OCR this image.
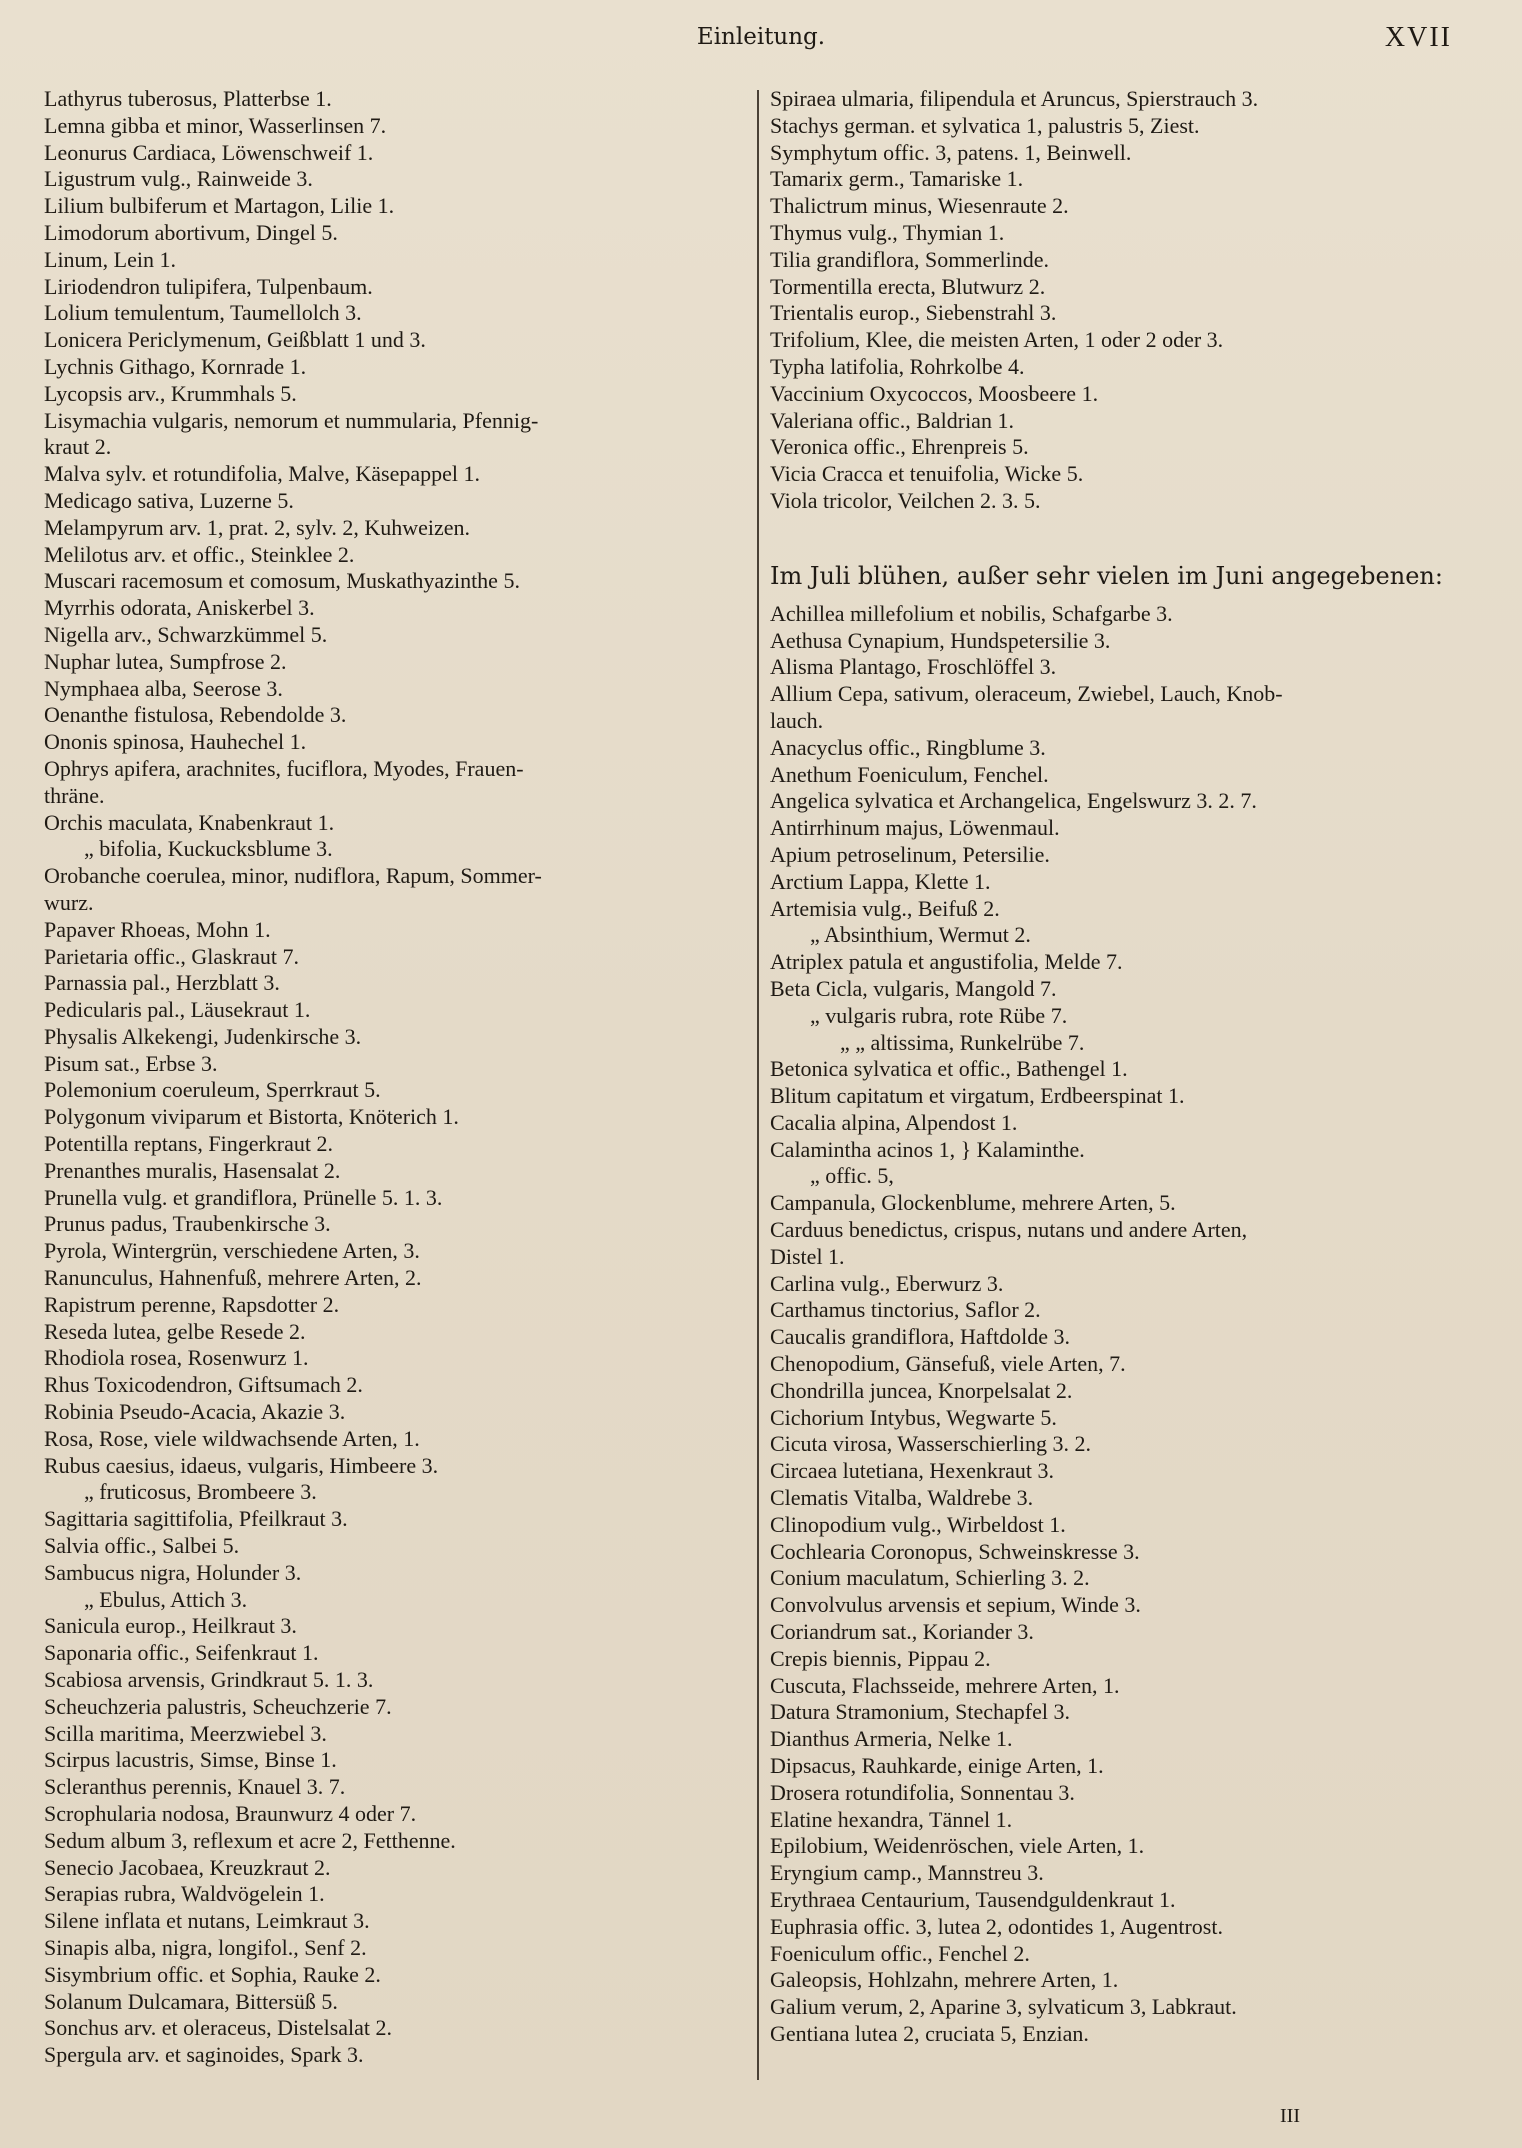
Einleitung.	XVII
Lathyrus tuberosus, Platterbse 1.
Lemna gibba et minor, Wasserlinsen 7.
Leonurus Cardiaca, Löwenschweif 1.
Ligustrum vulg., Rainweide 3.
Lilium bulbiferum et Martagon, Lilie 1.
Limodorum abortivum, Dingel 5.
Linum, Lein 1.
Liriodendron tulipifera, Tulpenbaum.
Lolium temulentum, Taumellolch 3.
Lonicera Periclymenum, Geißblatt 1 und 3.
Lychnis Githago, Kornrade 1.
Lycopsis arv., Krummhals 5.
Lisymachia vulgaris, nemorum et nummularia, Pfennig-
kraut 2.
Malva sylv. et rotundifolia, Malve, Käsepappel 1.
Medicago sativa, Luzerne 5.
Melampyrum arv. 1, prat. 2, sylv. 2, Kuhweizen.
Melilotus arv. et offic., Steinklee 2.
Muscari racemosum et comosum, Muskathyazinthe 5.
Myrrhis odorata, Aniskerbel 3.
Nigella arv., Schwarzkümmel 5.
Nuphar lutea, Sumpfrose 2.
Nymphaea alba, Seerose 3.
Oenanthe fistulosa, Rebendolde 3.
Ononis spinosa, Hauhechel 1.
Ophrys apifera, arachnites, fuciflora, Myodes, Frauen-
thräne.
Orchis maculata, Knabenkraut 1.
„ bifolia, Kuckucksblume 3.
Orobanche coerulea, minor, nudiflora, Rapum, Sommer-
wurz.
Papaver Rhoeas, Mohn 1.
Parietaria offic., Glaskraut 7.
Parnassia pal., Herzblatt 3.
Pedicularis pal., Läusekraut 1.
Physalis Alkekengi, Judenkirsche 3.
Pisum sat., Erbse 3.
Polemonium coeruleum, Sperrkraut 5.
Polygonum viviparum et Bistorta, Knöterich 1.
Potentilla reptans, Fingerkraut 2.
Prenanthes muralis, Hasensalat 2.
Prunella vulg. et grandiflora, Prünelle 5. 1. 3.
Prunus padus, Traubenkirsche 3.
Pyrola, Wintergrün, verschiedene Arten, 3.
Ranunculus, Hahnenfuß, mehrere Arten, 2.
Rapistrum perenne, Rapsdotter 2.
Reseda lutea, gelbe Resede 2.
Rhodiola rosea, Rosenwurz 1.
Rhus Toxicodendron, Giftsumach 2.
Robinia Pseudo-Acacia, Akazie 3.
Rosa, Rose, viele wildwachsende Arten, 1.
Rubus caesius, idaeus, vulgaris, Himbeere 3.
„ fruticosus, Brombeere 3.
Sagittaria sagittifolia, Pfeilkraut 3.
Salvia offic., Salbei 5.
Sambucus nigra, Holunder 3.
„ Ebulus, Attich 3.
Sanicula europ., Heilkraut 3.
Saponaria offic., Seifenkraut 1.
Scabiosa arvensis, Grindkraut 5. 1. 3.
Scheuchzeria palustris, Scheuchzerie 7.
Scilla maritima, Meerzwiebel 3.
Scirpus lacustris, Simse, Binse 1.
Scleranthus perennis, Knauel 3. 7.
Scrophularia nodosa, Braunwurz 4 oder 7.
Sedum album 3, reflexum et acre 2, Fetthenne.
Senecio Jacobaea, Kreuzkraut 2.
Serapias rubra, Waldvögelein 1.
Silene inflata et nutans, Leimkraut 3.
Sinapis alba, nigra, longifol., Senf 2.
Sisymbrium offic. et Sophia, Rauke 2.
Solanum Dulcamara, Bittersüß 5.
Sonchus arv. et oleraceus, Distelsalat 2.
Spergula arv. et saginoides, Spark 3.
Spiraea ulmaria, filipendula et Aruncus, Spierstrauch 3.
Stachys german. et sylvatica 1, palustris 5, Ziest.
Symphytum offic. 3, patens. 1, Beinwell.
Tamarix germ., Tamariske 1.
Thalictrum minus, Wiesenraute 2.
Thymus vulg., Thymian 1.
Tilia grandiflora, Sommerlinde.
Tormentilla erecta, Blutwurz 2.
Trientalis europ., Siebenstrahl 3.
Trifolium, Klee, die meisten Arten, 1 oder 2 oder 3.
Typha latifolia, Rohrkolbe 4.
Vaccinium Oxycoccos, Moosbeere 1.
Valeriana offic., Baldrian 1.
Veronica offic., Ehrenpreis 5.
Vicia Cracca et tenuifolia, Wicke 5.
Viola tricolor, Veilchen 2. 3. 5.
Im Juli blühen, außer sehr vielen im Juni angegebenen:
Achillea millefolium et nobilis, Schafgarbe 3.
Aethusa Cynapium, Hundspetersilie 3.
Alisma Plantago, Froschlöffel 3.
Allium Cepa, sativum, oleraceum, Zwiebel, Lauch, Knob-
lauch.
Anacyclus offic., Ringblume 3.
Anethum Foeniculum, Fenchel.
Angelica sylvatica et Archangelica, Engelswurz 3. 2. 7.
Antirrhinum majus, Löwenmaul.
Apium petroselinum, Petersilie.
Arctium Lappa, Klette 1.
Artemisia vulg., Beifuß 2.
„ Absinthium, Wermut 2.
Atriplex patula et angustifolia, Melde 7.
Beta Cicla, vulgaris, Mangold 7.
„ vulgaris rubra, rote Rübe 7.
„ „ altissima, Runkelrübe 7.
Betonica sylvatica et offic., Bathengel 1.
Blitum capitatum et virgatum, Erdbeerspinat 1.
Cacalia alpina, Alpendost 1.
Calamintha acinos 1, } Kalaminthe.
„ offic. 5,
Campanula, Glockenblume, mehrere Arten, 5.
Carduus benedictus, crispus, nutans und andere Arten,
Distel 1.
Carlina vulg., Eberwurz 3.
Carthamus tinctorius, Saflor 2.
Caucalis grandiflora, Haftdolde 3.
Chenopodium, Gänsefuß, viele Arten, 7.
Chondrilla juncea, Knorpelsalat 2.
Cichorium Intybus, Wegwarte 5.
Cicuta virosa, Wasserschierling 3. 2.
Circaea lutetiana, Hexenkraut 3.
Clematis Vitalba, Waldrebe 3.
Clinopodium vulg., Wirbeldost 1.
Cochlearia Coronopus, Schweinskresse 3.
Conium maculatum, Schierling 3. 2.
Convolvulus arvensis et sepium, Winde 3.
Coriandrum sat., Koriander 3.
Crepis biennis, Pippau 2.
Cuscuta, Flachsseide, mehrere Arten, 1.
Datura Stramonium, Stechapfel 3.
Dianthus Armeria, Nelke 1.
Dipsacus, Rauhkarde, einige Arten, 1.
Drosera rotundifolia, Sonnentau 3.
Elatine hexandra, Tännel 1.
Epilobium, Weidenröschen, viele Arten, 1.
Eryngium camp., Mannstreu 3.
Erythraea Centaurium, Tausendguldenkraut 1.
Euphrasia offic. 3, lutea 2, odontides 1, Augentrost.
Foeniculum offic., Fenchel 2.
Galeopsis, Hohlzahn, mehrere Arten, 1.
Galium verum, 2, Aparine 3, sylvaticum 3, Labkraut.
Gentiana lutea 2, cruciata 5, Enzian.
III
